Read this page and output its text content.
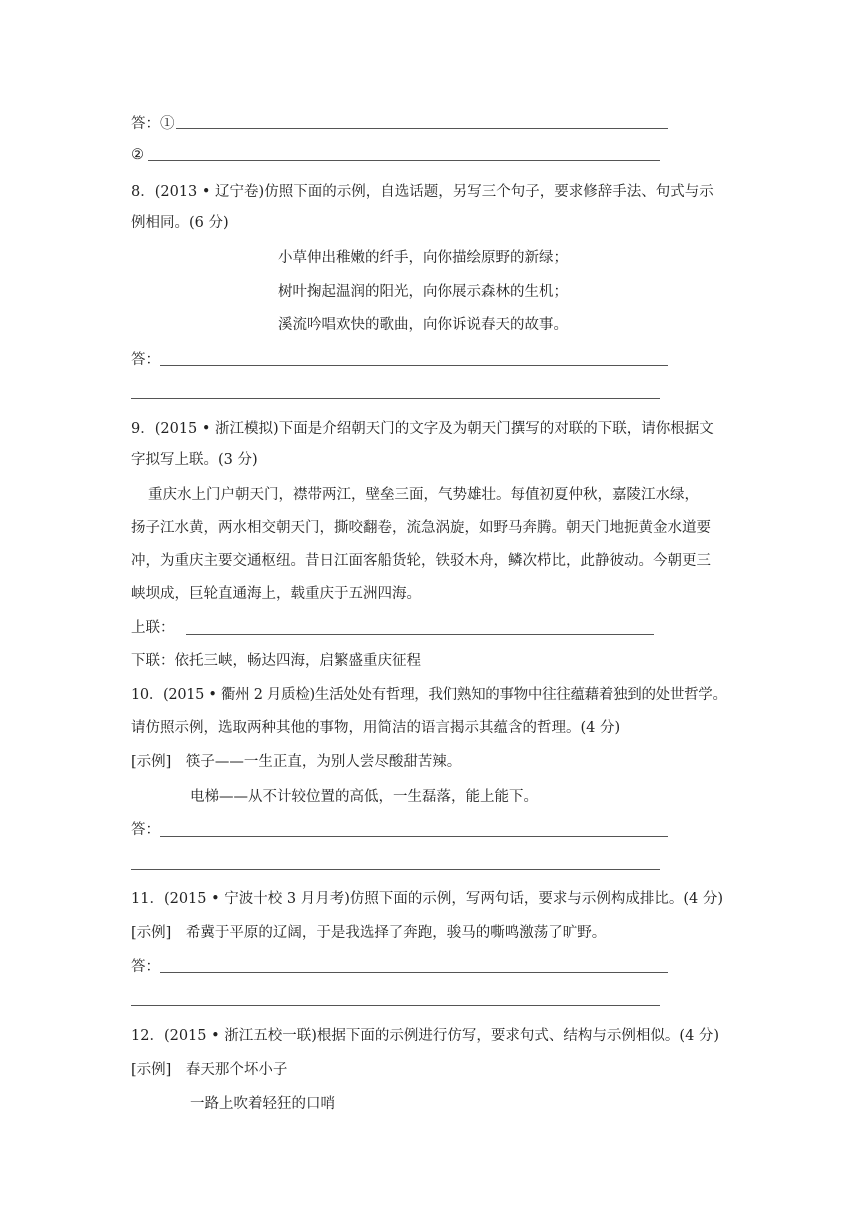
答：①
②
8．(2013 • 辽宁卷)仿照下面的示例，自选话题，另写三个句子，要求修辞手法、句式与示
例相同。(6 分)
小草伸出稚嫩的纤手，向你描绘原野的新绿；
树叶掬起温润的阳光，向你展示森林的生机；
溪流吟唱欢快的歌曲，向你诉说春天的故事。
答：
9．(2015 • 浙江模拟)下面是介绍朝天门的文字及为朝天门撰写的对联的下联，请你根据文
字拟写上联。(3 分)
重庆水上门户朝天门，襟带两江，壁垒三面，气势雄壮。每值初夏仲秋，嘉陵江水绿，
扬子江水黄，两水相交朝天门，撕咬翻卷，流急涡旋，如野马奔腾。朝天门地扼黄金水道要
冲，为重庆主要交通枢纽。昔日江面客船货轮，铁驳木舟，鳞次栉比，此静彼动。今朝更三
峡坝成，巨轮直通海上，载重庆于五洲四海。
上联：
下联：依托三峡，畅达四海，启繁盛重庆征程
10．(2015 • 衢州 2 月质检)生活处处有哲理，我们熟知的事物中往往蕴藉着独到的处世哲学。
请仿照示例，选取两种其他的事物，用简洁的语言揭示其蕴含的哲理。(4 分)
[示例]　筷子——一生正直，为别人尝尽酸甜苦辣。
电梯——从不计较位置的高低，一生磊落，能上能下。
答：
11．(2015 • 宁波十校 3 月月考)仿照下面的示例，写两句话，要求与示例构成排比。(4 分)
[示例]　希冀于平原的辽阔，于是我选择了奔跑，骏马的嘶鸣激荡了旷野。
答：
12．(2015 • 浙江五校一联)根据下面的示例进行仿写，要求句式、结构与示例相似。(4 分)
[示例]　春天那个坏小子
一路上吹着轻狂的口哨
